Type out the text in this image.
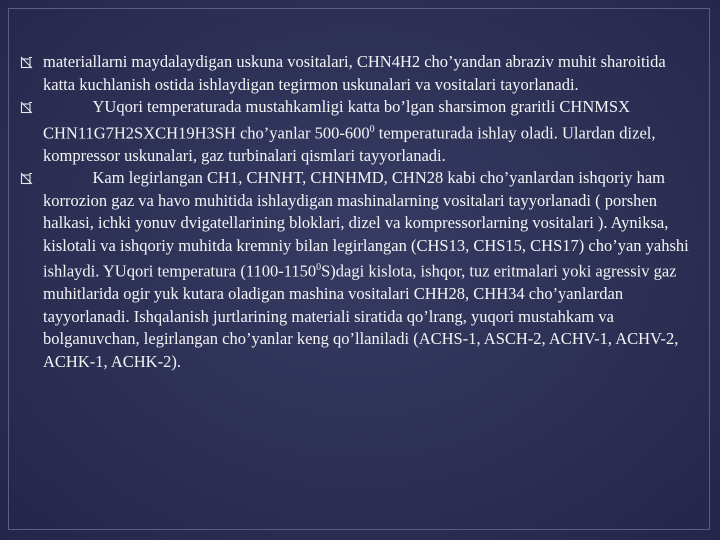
materiallarni maydalaydigan uskuna vositalari, CHN4H2 cho’yandan abraziv muhit sharoitida katta kuchlanish ostida ishlaydigan tegirmon uskunalari va vositalari tayorlanadi.
YUqori temperaturada mustahkamligi katta bo’lgan sharsimon graritli CHNMSX CHN11G7H2SXCH19H3SH cho’yanlar $500-600^0$ temperaturada ishlay oladi. Ulardan dizel, kompressor uskunalari, gaz turbinalari qismlari tayyorlanadi.
Kam legirlangan CH1, CHNHT, CHNHMD, CHN28 kabi cho’yanlardan ishqoriy ham korrozion gaz va havo muhitida ishlaydigan mashinalarning vositalari tayyorlanadi ( porshen halkasi, ichki yonuv dvigatellarining bloklari, dizel va kompressorlarning vositalari ). Ayniksa, kislotali va ishqoriy muhitda kremniy bilan legirlangan (CHS13, CHS15, CHS17) cho’yan yahshi ishlaydi. YUqori temperatura (1100-1150$^0$S)dagi kislota, ishqor, tuz eritmalari yoki agressiv gaz muhitlarida ogir yuk kutara oladigan mashina vositalari CHH28, CHH34 cho’yanlardan tayyorlanadi. Ishqalanish jurtlarining materiali siratida qo’lrang, yuqori mustahkam va bolganuvchan, legirlangan cho’yanlar keng qo’llaniladi (ACHS-1, ASCH-2, ACHV-1, ACHV-2, ACHK-1, ACHK-2).
